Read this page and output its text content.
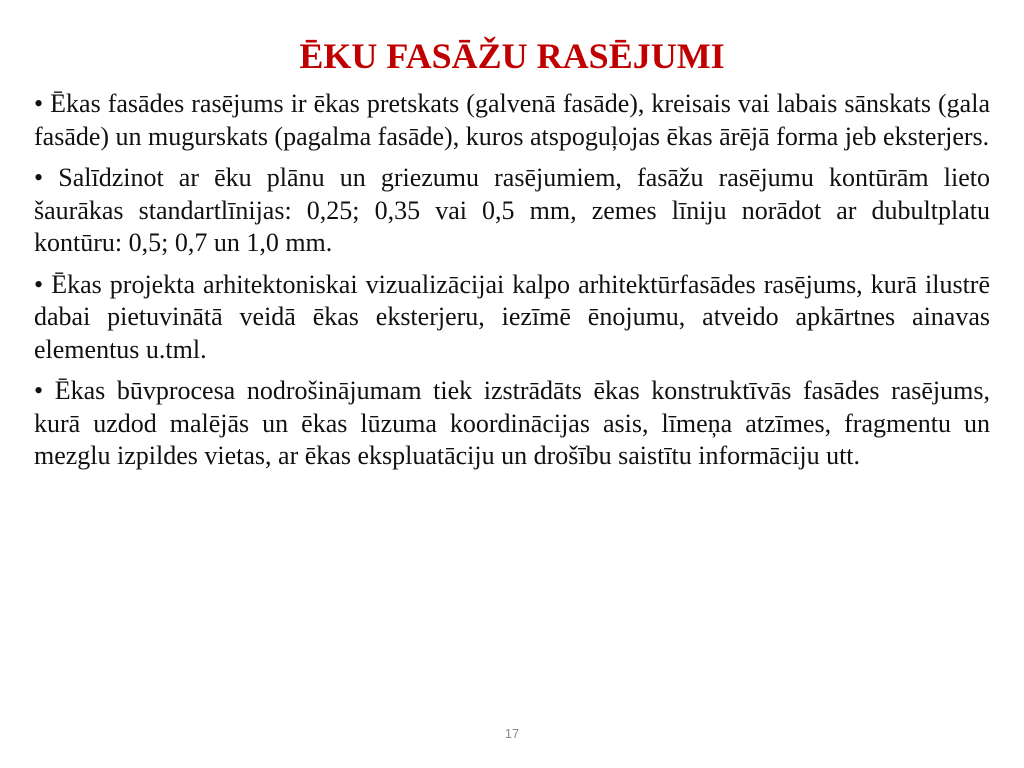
ĒKU FASĀŽU RASĒJUMI
• Ēkas fasādes rasējums ir ēkas pretskats (galvenā fasāde), kreisais vai labais sānskats (gala fasāde) un mugurskats (pagalma fasāde), kuros atspoguļojas ēkas ārējā forma jeb eksterjers.
• Salīdzinot ar ēku plānu un griezumu rasējumiem, fasāžu rasējumu kontūrām lieto šaurākas standartlīnijas: 0,25; 0,35 vai 0,5 mm, zemes līniju norādot ar dubultplatu kontūru: 0,5; 0,7 un 1,0 mm.
• Ēkas projekta arhitektoniskai vizualizācijai kalpo arhitektūrfasādes rasējums, kurā ilustrē dabai pietuvinātā veidā ēkas eksterjeru, iezīmē ēnojumu, atveido apkārtnes ainavas elementus u.tml.
• Ēkas būvprocesa nodrošinājumam tiek izstrādāts ēkas konstruktīvās fasādes rasējums, kurā uzdod malējās un ēkas lūzuma koordinācijas asis, līmeņa atzīmes, fragmentu un mezglu izpildes vietas, ar ēkas ekspluatāciju un drošību saistītu informāciju utt.
17
